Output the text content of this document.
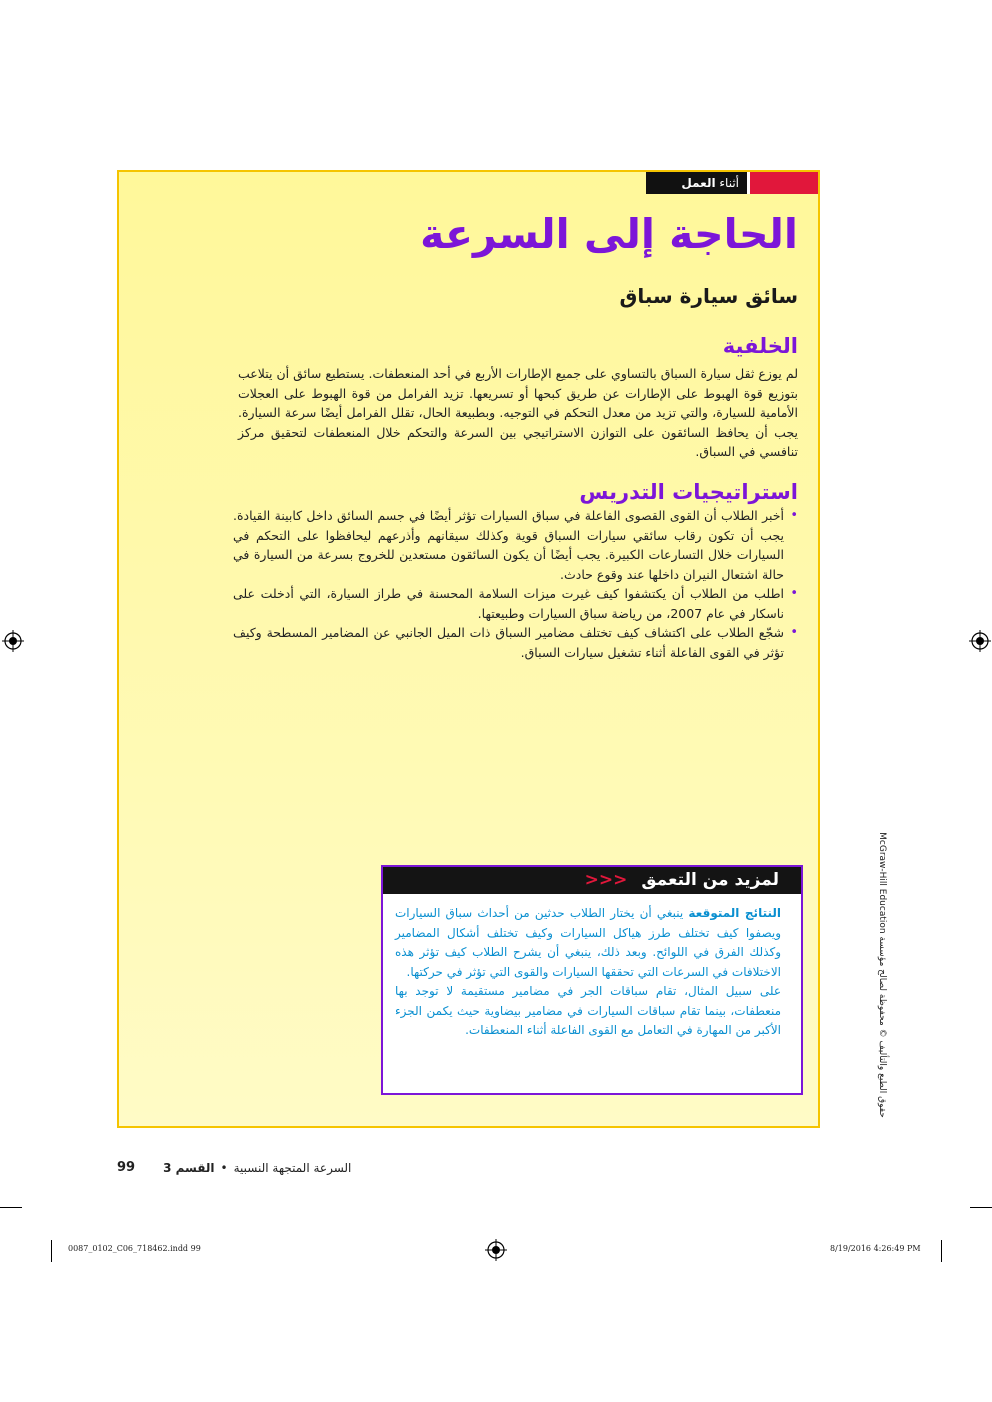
أثناء العمل
الحاجة إلى السرعة
سائق سيارة سباق
الخلفية

لم يوزع ثقل سيارة السباق بالتساوي على جميع الإطارات الأربع في أحد المنعطفات. يستطيع سائق أن يتلاعب بتوزيع قوة الهبوط على الإطارات عن طريق كبحها أو تسريعها. تزيد الفرامل من قوة الهبوط على العجلات الأمامية للسيارة، والتي تزيد من معدل التحكم في التوجيه. وبطبيعة الحال، تقلل الفرامل أيضًا سرعة السيارة. يجب أن يحافظ السائقون على التوازن الاستراتيجي بين السرعة والتحكم خلال المنعطفات لتحقيق مركز تنافسي في السباق.

استراتيجيات التدريس
•
أخبر الطلاب أن القوى القصوى الفاعلة في سباق السيارات تؤثر أيضًا في جسم السائق داخل كابينة القيادة. يجب أن تكون رقاب سائقي سيارات السباق قوية وكذلك سيقانهم وأذرعهم ليحافظوا على التحكم في السيارات خلال التسارعات الكبيرة. يجب أيضًا أن يكون السائقون مستعدين للخروج بسرعة من السيارة في حالة اشتعال النيران داخلها عند وقوع حادث.
•
اطلب من الطلاب أن يكتشفوا كيف غيرت ميزات السلامة المحسنة في طراز السيارة، التي أدخلت على ناسكار في عام 2007، من رياضة سباق السيارات وطبيعتها.
•
شجّع الطلاب على اكتشاف كيف تختلف مضامير السباق ذات الميل الجانبي عن المضامير المسطحة وكيف تؤثر في القوى الفاعلة أثناء تشغيل سيارات السباق.
لمزيد من التعمق <<<
النتائج المتوقعة ينبغي أن يختار الطلاب حدثين من أحداث سباق السيارات ويصفوا كيف تختلف طرز هياكل السيارات وكيف تختلف أشكال المضامير وكذلك الفرق في اللوائح. وبعد ذلك، ينبغي أن يشرح الطلاب كيف تؤثر هذه الاختلافات في السرعات التي تحققها السيارات والقوى التي تؤثر في حركتها.
على سبيل المثال، تقام سباقات الجر في مضامير مستقيمة لا توجد بها منعطفات، بينما تقام سباقات السيارات في مضامير بيضاوية حيث يكمن الجزء الأكبر من المهارة في التعامل مع القوى الفاعلة أثناء المنعطفات.
حقوق الطبع والتأليف © محفوظة لصالح مؤسسة McGraw-Hill Education
99 القسم 3 • السرعة المتجهة النسبية
0087_0102_C06_718462.indd 99	8/19/2016 4:26:49 PM
